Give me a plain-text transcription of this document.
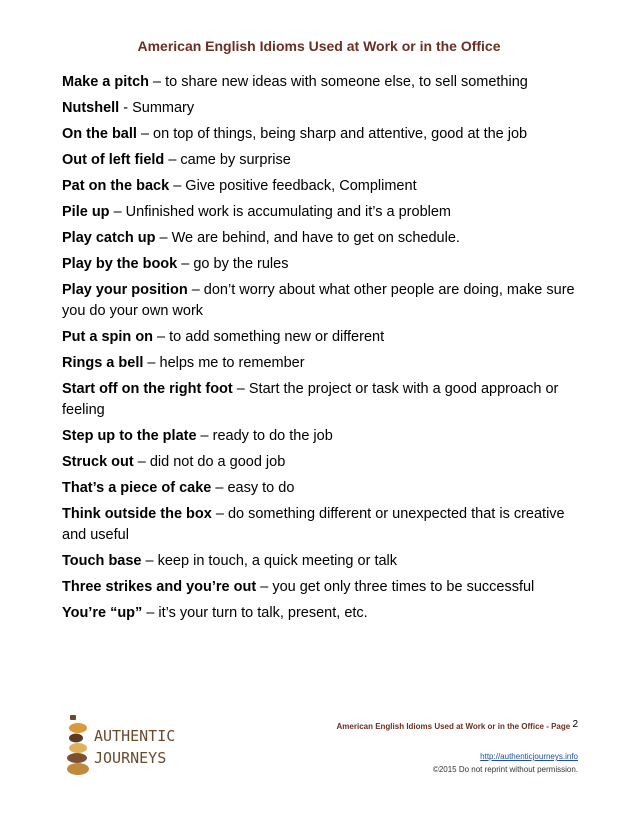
American English Idioms Used at Work or in the Office
Make a pitch – to share new ideas with someone else, to sell something
Nutshell - Summary
On the ball – on top of things, being sharp and attentive, good at the job
Out of left field – came by surprise
Pat on the back – Give positive feedback, Compliment
Pile up – Unfinished work is accumulating and it’s a problem
Play catch up – We are behind, and have to get on schedule.
Play by the book – go by the rules
Play your position – don’t worry about what other people are doing, make sure you do your own work
Put a spin on – to add something new or different
Rings a bell – helps me to remember
Start off on the right foot – Start the project or task with a good approach or feeling
Step up to the plate – ready to do the job
Struck out – did not do a good job
That’s a piece of cake – easy to do
Think outside the box – do something different or unexpected that is creative and useful
Touch base – keep in touch, a quick meeting or talk
Three strikes and you’re out – you get only three times to be successful
You’re “up” – it’s your turn to talk, present, etc.
AUTHENTIC
JOURNEYS
American English Idioms Used at Work or in the Office - Page 2
http://authenticjourneys.info
©2015 Do not reprint without permission.
